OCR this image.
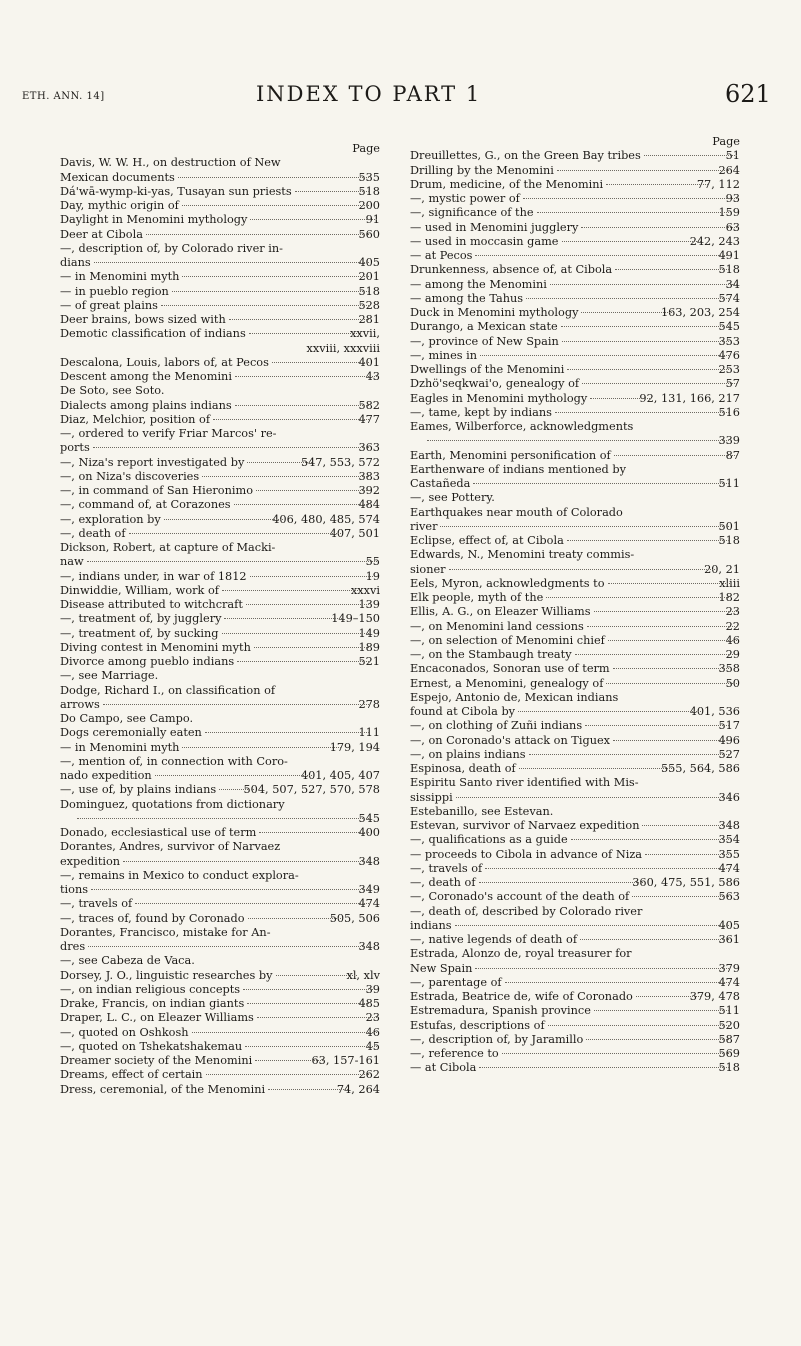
ETH. ANN. 14]	INDEX TO PART 1	621
Page
Davis, W. W. H., on destruction of New
Mexican documents	535
Dá'wā-wymp-ki-yas, Tusayan sun priests	518
Day, mythic origin of	200
Daylight in Menomini mythology	91
Deer at Cibola	560
—, description of, by Colorado river in-
dians	405
— in Menomini myth	201
— in pueblo region	518
— of great plains	528
Deer brains, bows sized with	281
Demotic classification of indians	xxvii,
xxviii, xxxviii
Descalona, Louis, labors of, at Pecos	401
Descent among the Menomini	43
De Soto, see Soto.
Dialects among plains indians	582
Diaz, Melchior, position of	477
—, ordered to verify Friar Marcos' re-
ports	363
—, Niza's report investigated by	547, 553, 572
—, on Niza's discoveries	383
—, in command of San Hieronimo	392
—, command of, at Corazones	484
—, exploration by	406, 480, 485, 574
—, death of	407, 501
Dickson, Robert, at capture of Macki-
naw	55
—, indians under, in war of 1812	19
Dinwiddie, William, work of	xxxvi
Disease attributed to witchcraft	139
—, treatment of, by jugglery	149–150
—, treatment of, by sucking	149
Diving contest in Menomini myth	189
Divorce among pueblo indians	521
—, see Marriage.
Dodge, Richard I., on classification of
arrows	278
Do Campo, see Campo.
Dogs ceremonially eaten	111
— in Menomini myth	179, 194
—, mention of, in connection with Coro-
nado expedition	401, 405, 407
—, use of, by plains indians 504, 507, 527, 570, 578
Dominguez, quotations from dictionary
545
Donado, ecclesiastical use of term	400
Dorantes, Andres, survivor of Narvaez
expedition	348
—, remains in Mexico to conduct explora-
tions	349
—, travels of	474
—, traces of, found by Coronado	505, 506
Dorantes, Francisco, mistake for An-
dres	348
—, see Cabeza de Vaca.
Dorsey, J. O., linguistic researches by	xl, xlv
—, on indian religious concepts	39
Drake, Francis, on indian giants	485
Draper, L. C., on Eleazer Williams	23
—, quoted on Oshkosh	46
—, quoted on Tshekatshakemau	45
Dreamer society of the Menomini	63, 157-161
Dreams, effect of certain	262
Dress, ceremonial, of the Menomini	74, 264
Page
Dreuillettes, G., on the Green Bay tribes	51
Drilling by the Menomini	264
Drum, medicine, of the Menomini	77, 112
—, mystic power of	93
—, significance of the	159
— used in Menomini jugglery	63
— used in moccasin game	242, 243
— at Pecos	491
Drunkenness, absence of, at Cibola	518
— among the Menomini	34
— among the Tahus	574
Duck in Menomini mythology	163, 203, 254
Durango, a Mexican state	545
—, province of New Spain	353
—, mines in	476
Dwellings of the Menomini	253
Dzhö'seqkwai'o, genealogy of	57
Eagles in Menomini mythology	92, 131, 166, 217
—, tame, kept by indians	516
Eames, Wilberforce, acknowledgments
339
Earth, Menomini personification of	87
Earthenware of indians mentioned by
Castañeda	511
—, see Pottery.
Earthquakes near mouth of Colorado
river	501
Eclipse, effect of, at Cibola	518
Edwards, N., Menomini treaty commis-
sioner	20, 21
Eels, Myron, acknowledgments to	xliii
Elk people, myth of the	182
Ellis, A. G., on Eleazer Williams	23
—, on Menomini land cessions	22
—, on selection of Menomini chief	46
—, on the Stambaugh treaty	29
Encaconados, Sonoran use of term	358
Ernest, a Menomini, genealogy of	50
Espejo, Antonio de, Mexican indians
found at Cibola by	401, 536
—, on clothing of Zuñi indians	517
—, on Coronado's attack on Tiguex	496
—, on plains indians	527
Espinosa, death of	555, 564, 586
Espiritu Santo river identified with Mis-
sissippi	346
Estebanillo, see Estevan.
Estevan, survivor of Narvaez expedition	348
—, qualifications as a guide	354
— proceeds to Cibola in advance of Niza	355
—, travels of	474
—, death of	360, 475, 551, 586
—, Coronado's account of the death of	563
—, death of, described by Colorado river
indians	405
—, native legends of death of	361
Estrada, Alonzo de, royal treasurer for
New Spain	379
—, parentage of	474
Estrada, Beatrice de, wife of Coronado	379, 478
Estremadura, Spanish province	511
Estufas, descriptions of	520
—, description of, by Jaramillo	587
—, reference to	569
— at Cibola	518
